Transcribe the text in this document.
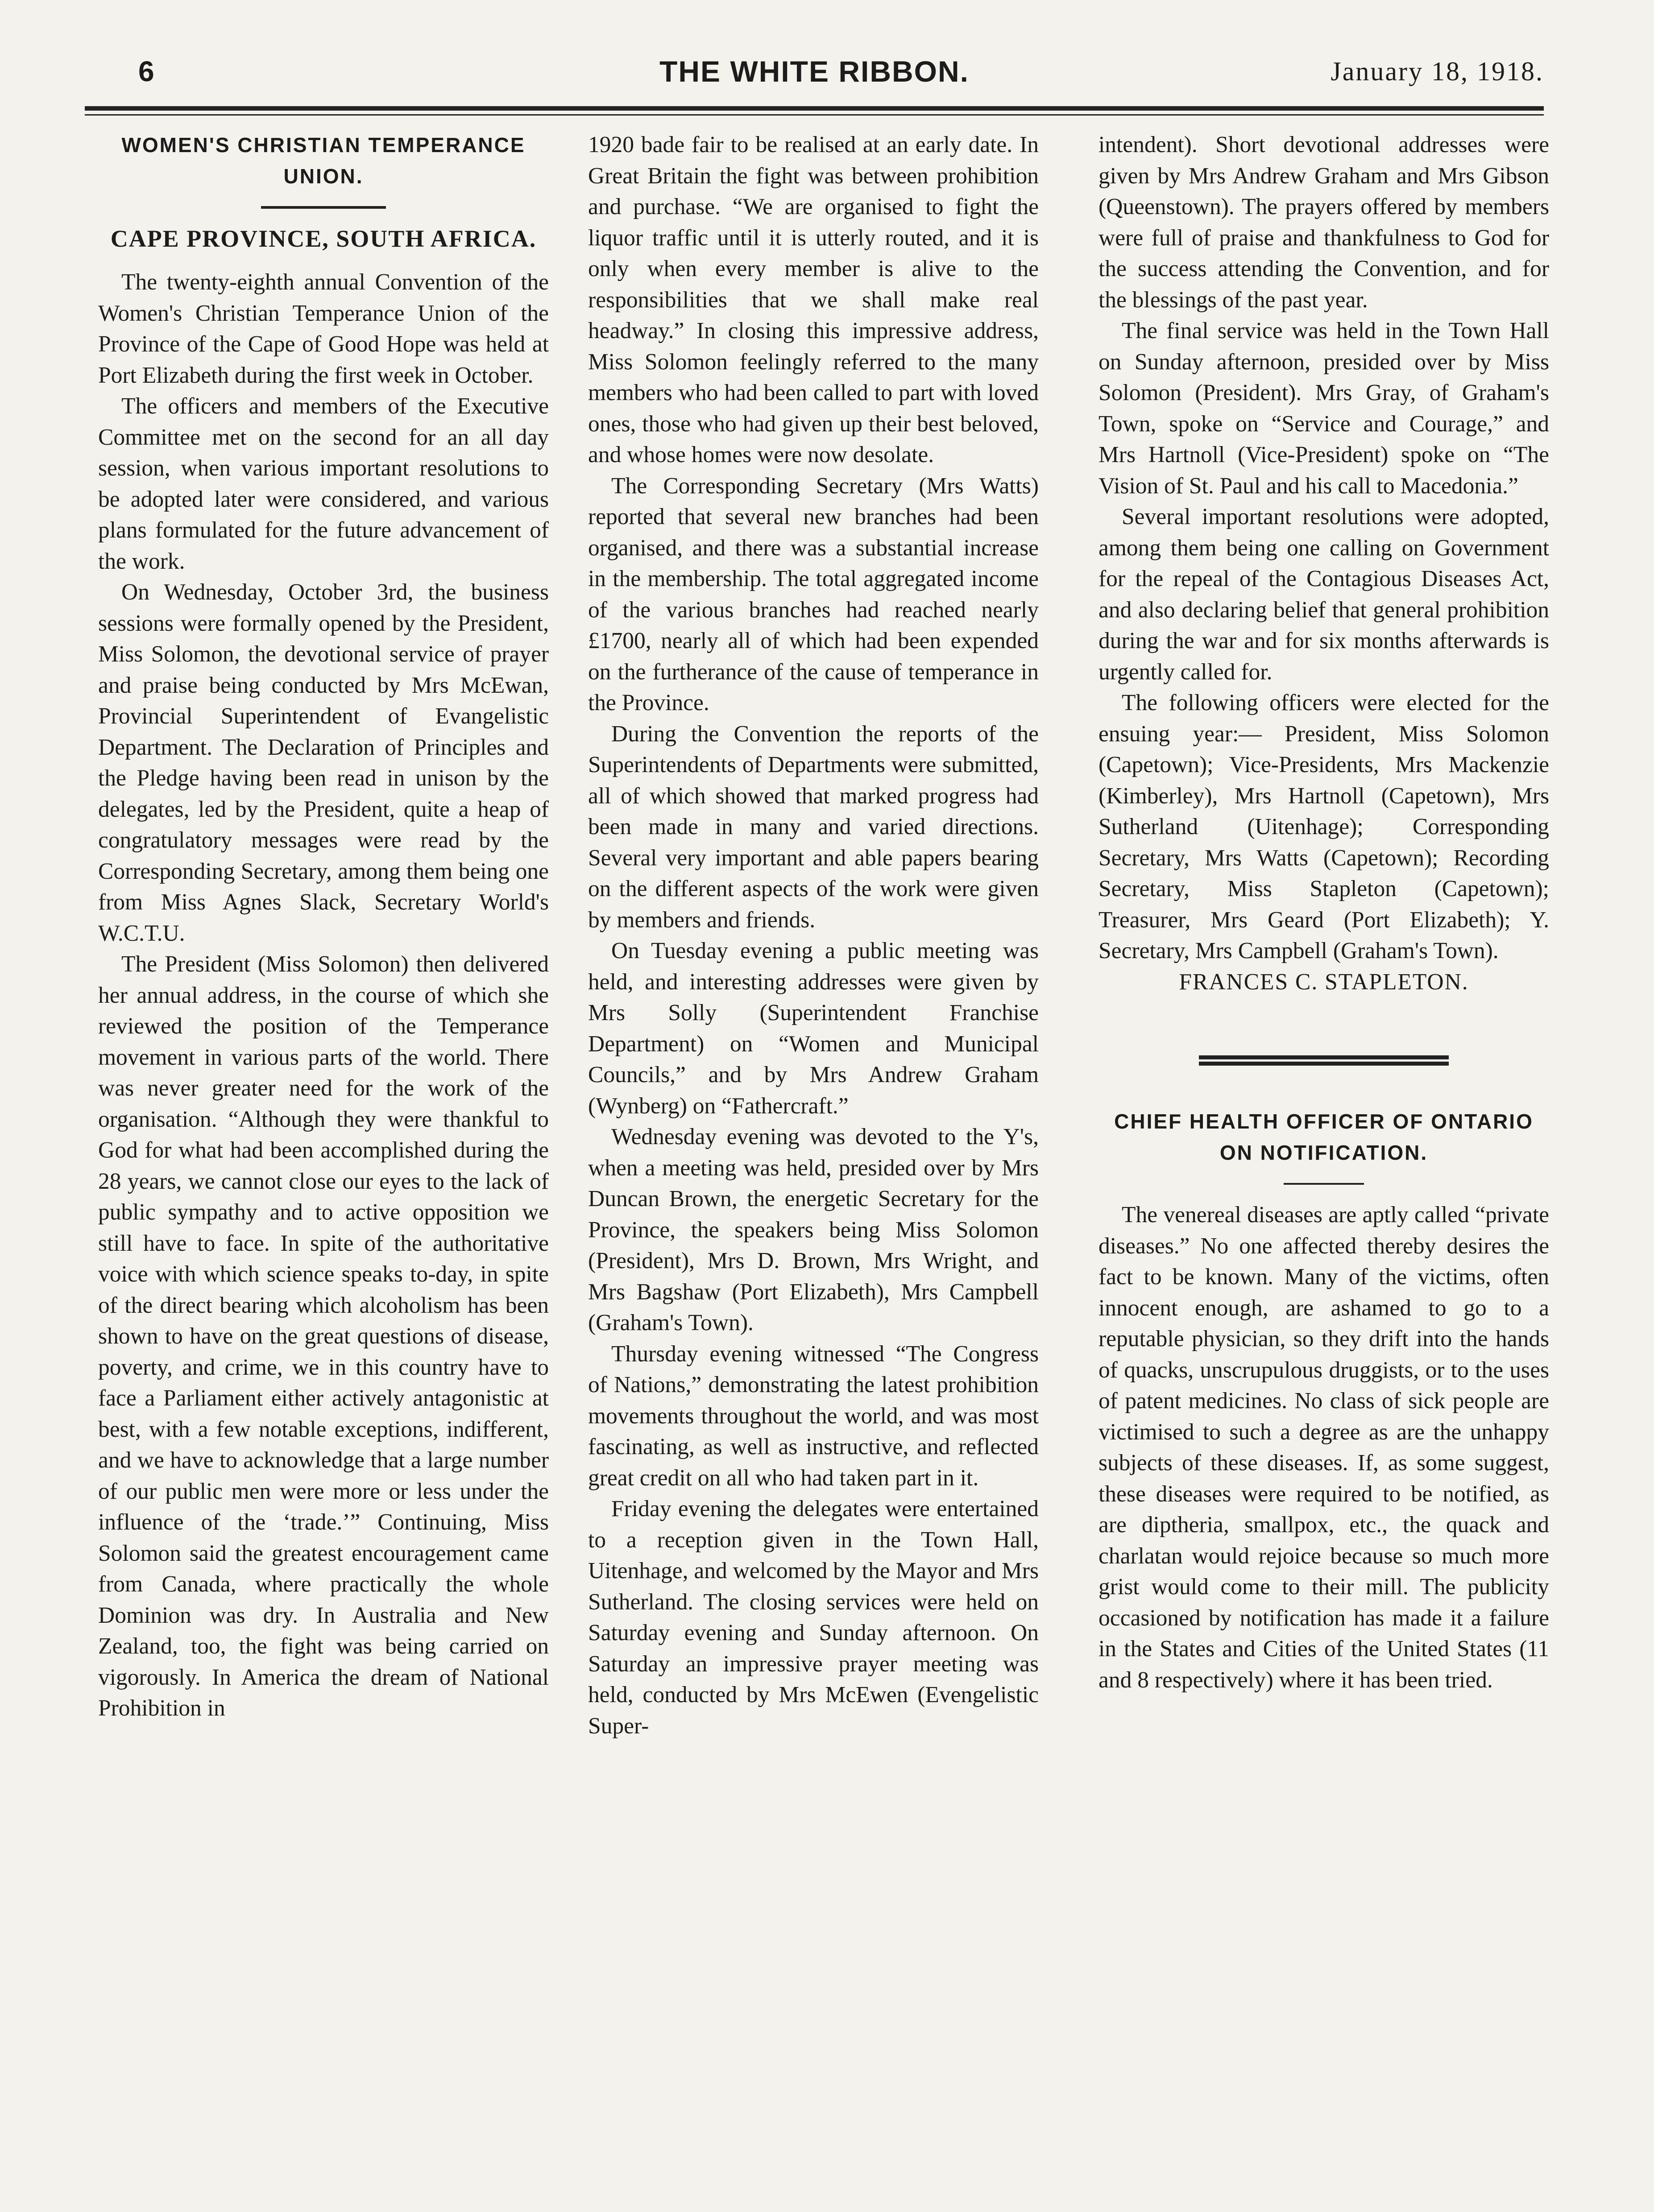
6	THE WHITE RIBBON.	January 18, 1918.
WOMEN'S CHRISTIAN TEMPERANCE UNION.
CAPE PROVINCE, SOUTH AFRICA.

The twenty-eighth annual Convention of the Women's Christian Temperance Union of the Province of the Cape of Good Hope was held at Port Elizabeth during the first week in October.

The officers and members of the Executive Committee met on the second for an all day session, when various important resolutions to be adopted later were considered, and various plans formulated for the future advancement of the work.

On Wednesday, October 3rd, the business sessions were formally opened by the President, Miss Solomon, the devotional service of prayer and praise being conducted by Mrs McEwan, Provincial Superintendent of Evangelistic Department. The Declaration of Principles and the Pledge having been read in unison by the delegates, led by the President, quite a heap of congratulatory messages were read by the Corresponding Secretary, among them being one from Miss Agnes Slack, Secretary World's W.C.T.U.

The President (Miss Solomon) then delivered her annual address, in the course of which she reviewed the position of the Temperance movement in various parts of the world. There was never greater need for the work of the organisation. “Although they were thankful to God for what had been accomplished during the 28 years, we cannot close our eyes to the lack of public sympathy and to active opposition we still have to face. In spite of the authoritative voice with which science speaks to-day, in spite of the direct bearing which alcoholism has been shown to have on the great questions of disease, poverty, and crime, we in this country have to face a Parliament either actively antagonistic at best, with a few notable exceptions, indifferent, and we have to acknowledge that a large number of our public men were more or less under the influence of the ‘trade.’” Continuing, Miss Solomon said the greatest encouragement came from Canada, where practically the whole Dominion was dry. In Australia and New Zealand, too, the fight was being carried on vigorously. In America the dream of National Prohibition in

1920 bade fair to be realised at an early date. In Great Britain the fight was between prohibition and purchase. “We are organised to fight the liquor traffic until it is utterly routed, and it is only when every member is alive to the responsibilities that we shall make real headway.” In closing this impressive address, Miss Solomon feelingly referred to the many members who had been called to part with loved ones, those who had given up their best beloved, and whose homes were now desolate.

The Corresponding Secretary (Mrs Watts) reported that several new branches had been organised, and there was a substantial increase in the membership. The total aggregated income of the various branches had reached nearly £1700, nearly all of which had been expended on the furtherance of the cause of temperance in the Province.

During the Convention the reports of the Superintendents of Departments were submitted, all of which showed that marked progress had been made in many and varied directions. Several very important and able papers bearing on the different aspects of the work were given by members and friends.

On Tuesday evening a public meeting was held, and interesting addresses were given by Mrs Solly (Superintendent Franchise Department) on “Women and Municipal Councils,” and by Mrs Andrew Graham (Wynberg) on “Fathercraft.”

Wednesday evening was devoted to the Y's, when a meeting was held, presided over by Mrs Duncan Brown, the energetic Secretary for the Province, the speakers being Miss Solomon (President), Mrs D. Brown, Mrs Wright, and Mrs Bagshaw (Port Elizabeth), Mrs Campbell (Graham's Town).

Thursday evening witnessed “The Congress of Nations,” demonstrating the latest prohibition movements throughout the world, and was most fascinating, as well as instructive, and reflected great credit on all who had taken part in it.

Friday evening the delegates were entertained to a reception given in the Town Hall, Uitenhage, and welcomed by the Mayor and Mrs Sutherland. The closing services were held on Saturday evening and Sunday afternoon. On Saturday an impressive prayer meeting was held, conducted by Mrs McEwen (Evengelistic Super-

intendent). Short devotional addresses were given by Mrs Andrew Graham and Mrs Gibson (Queenstown). The prayers offered by members were full of praise and thankfulness to God for the success attending the Convention, and for the blessings of the past year.

The final service was held in the Town Hall on Sunday afternoon, presided over by Miss Solomon (President). Mrs Gray, of Graham's Town, spoke on “Service and Courage,” and Mrs Hartnoll (Vice-President) spoke on “The Vision of St. Paul and his call to Macedonia.”

Several important resolutions were adopted, among them being one calling on Government for the repeal of the Contagious Diseases Act, and also declaring belief that general prohibition during the war and for six months afterwards is urgently called for.

The following officers were elected for the ensuing year:— President, Miss Solomon (Capetown); Vice-Presidents, Mrs Mackenzie (Kimberley), Mrs Hartnoll (Capetown), Mrs Sutherland (Uitenhage); Corresponding Secretary, Mrs Watts (Capetown); Recording Secretary, Miss Stapleton (Capetown); Treasurer, Mrs Geard (Port Elizabeth); Y. Secretary, Mrs Campbell (Graham's Town).

FRANCES C. STAPLETON.

CHIEF HEALTH OFFICER OF ONTARIO ON NOTIFICATION.

The venereal diseases are aptly called “private diseases.” No one affected thereby desires the fact to be known. Many of the victims, often innocent enough, are ashamed to go to a reputable physician, so they drift into the hands of quacks, unscrupulous druggists, or to the uses of patent medicines. No class of sick people are victimised to such a degree as are the unhappy subjects of these diseases. If, as some suggest, these diseases were required to be notified, as are diptheria, smallpox, etc., the quack and charlatan would rejoice because so much more grist would come to their mill. The publicity occasioned by notification has made it a failure in the States and Cities of the United States (11 and 8 respectively) where it has been tried.
